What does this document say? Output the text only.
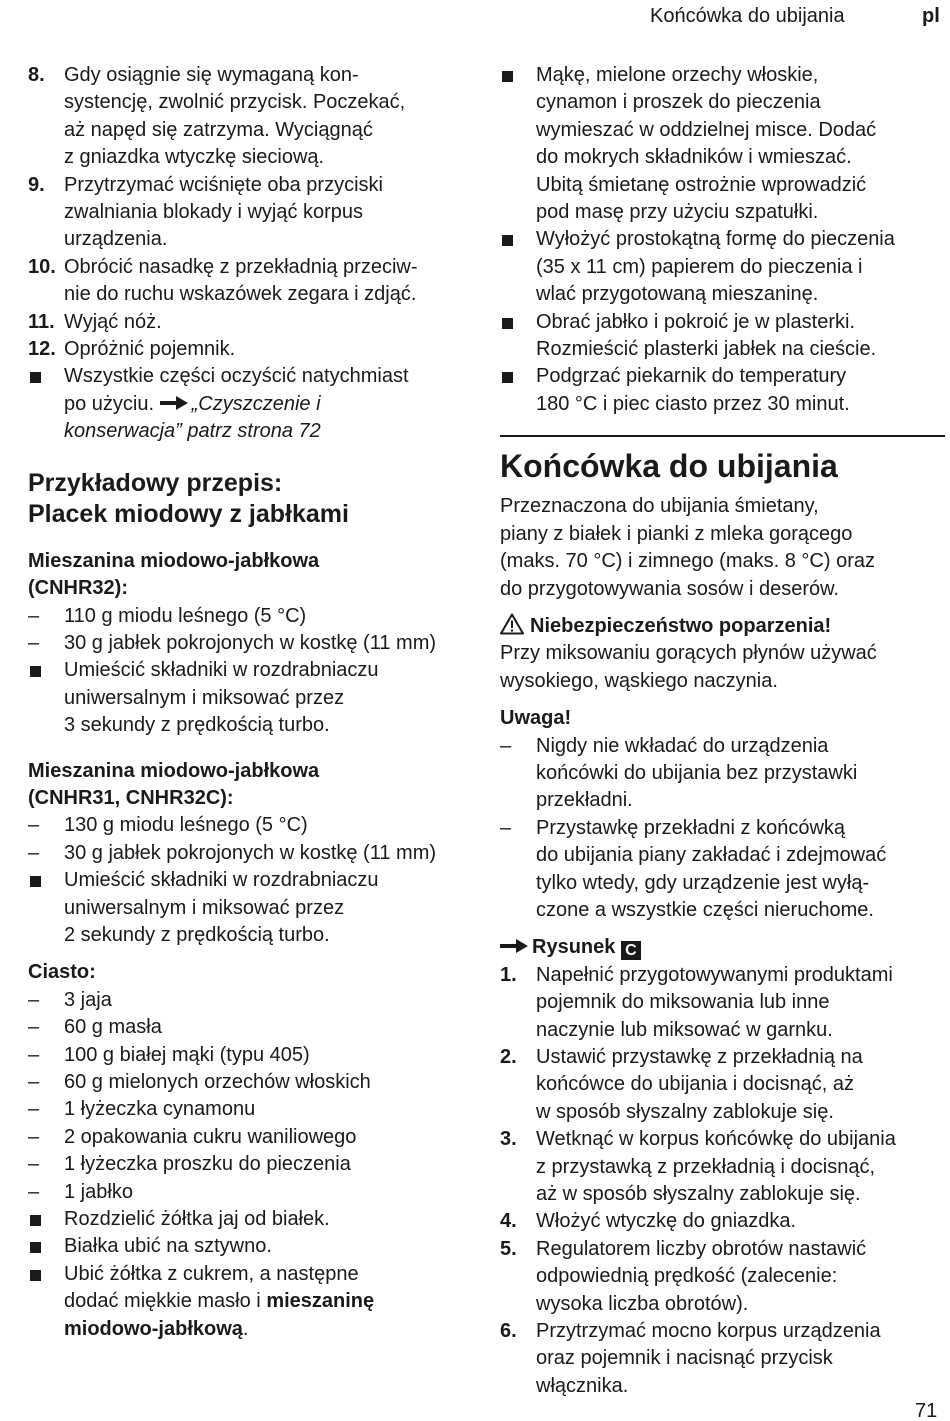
Końcówka do ubijania	pl
8. Gdy osiągnie się wymaganą kon-
systencję, zwolnić przycisk. Poczekać,
aż napęd się zatrzyma. Wyciągnąć
z gniazdka wtyczkę sieciową.
9. Przytrzymać wciśnięte oba przyciski
zwalniania blokady i wyjąć korpus
urządzenia.
10. Obrócić nasadkę z przekładnią przeciw-
nie do ruchu wskazówek zegara i zdjąć.
11. Wyjąć nóż.
12. Opróżnić pojemnik.
Wszystkie części oczyścić natychmiast
po użyciu. „Czyszczenie i
konserwacja” patrz strona 72
Przykładowy przepis:
Placek miodowy z jabłkami
Mieszanina miodowo-jabłkowa
(CNHR32):
– 110 g miodu leśnego (5 °C)
– 30 g jabłek pokrojonych w kostkę (11 mm)
Umieścić składniki w rozdrabniaczu
uniwersalnym i miksować przez
3 sekundy z prędkością turbo.
Mieszanina miodowo-jabłkowa
(CNHR31, CNHR32C):
– 130 g miodu leśnego (5 °C)
– 30 g jabłek pokrojonych w kostkę (11 mm)
Umieścić składniki w rozdrabniaczu
uniwersalnym i miksować przez
2 sekundy z prędkością turbo.
Ciasto:
– 3 jaja
– 60 g masła
– 100 g białej mąki (typu 405)
– 60 g mielonych orzechów włoskich
– 1 łyżeczka cynamonu
– 2 opakowania cukru waniliowego
– 1 łyżeczka proszku do pieczenia
– 1 jabłko
Rozdzielić żółtka jaj od białek.
Białka ubić na sztywno.
Ubić żółtka z cukrem, a następne
dodać miękkie masło i mieszaninę
miodowo-jabłkową.
Mąkę, mielone orzechy włoskie,
cynamon i proszek do pieczenia
wymieszać w oddzielnej misce. Dodać
do mokrych składników i wmieszać.
Ubitą śmietanę ostrożnie wprowadzić
pod masę przy użyciu szpatułki.
Wyłożyć prostokątną formę do pieczenia
(35 x 11 cm) papierem do pieczenia i
wlać przygotowaną mieszaninę.
Obrać jabłko i pokroić je w plasterki.
Rozmieścić plasterki jabłek na cieście.
Podgrzać piekarnik do temperatury
180 °C i piec ciasto przez 30 minut.
Końcówka do ubijania
Przeznaczona do ubijania śmietany,
piany z białek i pianki z mleka gorącego
(maks. 70 °C) i zimnego (maks. 8 °C) oraz
do przygotowywania sosów i deserów.
Niebezpieczeństwo poparzenia!
Przy miksowaniu gorących płynów używać
wysokiego, wąskiego naczynia.
Uwaga!
– Nigdy nie wkładać do urządzenia
końcówki do ubijania bez przystawki
przekładni.
– Przystawkę przekładni z końcówką
do ubijania piany zakładać i zdejmować
tylko wtedy, gdy urządzenie jest wyłą-
czone a wszystkie części nieruchome.
Rysunek C
1. Napełnić przygotowywanymi produktami
pojemnik do miksowania lub inne
naczynie lub miksować w garnku.
2. Ustawić przystawkę z przekładnią na
końcówce do ubijania i docisnąć, aż
w sposób słyszalny zablokuje się.
3. Wetknąć w korpus końcówkę do ubijania
z przystawką z przekładnią i docisnąć,
aż w sposób słyszalny zablokuje się.
4. Włożyć wtyczkę do gniazdka.
5. Regulatorem liczby obrotów nastawić
odpowiednią prędkość (zalecenie:
wysoka liczba obrotów).
6. Przytrzymać mocno korpus urządzenia
oraz pojemnik i nacisnąć przycisk
włącznika.
71
